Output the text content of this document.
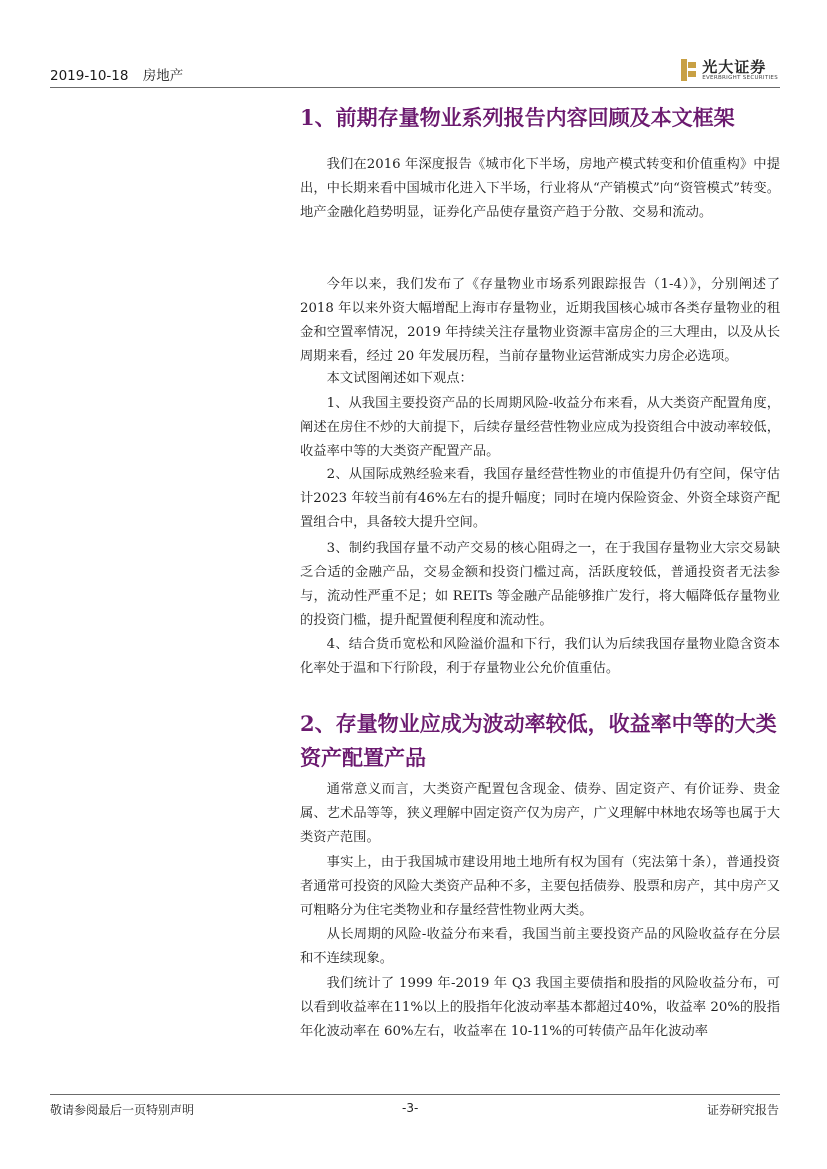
2019-10-18 房地产
光大证券
EVERBRIGHT SECURITIES
1、前期存量物业系列报告内容回顾及本文框架
我们在2016 年深度报告《城市化下半场，房地产模式转变和价值重构》中提出，中长期来看中国城市化进入下半场，行业将从“产销模式”向“资管模式”转变。地产金融化趋势明显，证券化产品使存量资产趋于分散、交易和流动。
今年以来，我们发布了《存量物业市场系列跟踪报告（1-4）》，分别阐述了 2018 年以来外资大幅增配上海市存量物业，近期我国核心城市各类存量物业的租金和空置率情况，2019 年持续关注存量物业资源丰富房企的三大理由，以及从长周期来看，经过 20 年发展历程，当前存量物业运营渐成实力房企必选项。
本文试图阐述如下观点：
1、从我国主要投资产品的长周期风险-收益分布来看，从大类资产配置角度，阐述在房住不炒的大前提下，后续存量经营性物业应成为投资组合中波动率较低，收益率中等的大类资产配置产品。
2、从国际成熟经验来看，我国存量经营性物业的市值提升仍有空间，保守估计2023 年较当前有46%左右的提升幅度；同时在境内保险资金、外资全球资产配置组合中，具备较大提升空间。
3、制约我国存量不动产交易的核心阻碍之一，在于我国存量物业大宗交易缺乏合适的金融产品，交易金额和投资门槛过高，活跃度较低，普通投资者无法参与，流动性严重不足；如 REITs 等金融产品能够推广发行，将大幅降低存量物业的投资门槛，提升配置便利程度和流动性。
4、结合货币宽松和风险溢价温和下行，我们认为后续我国存量物业隐含资本化率处于温和下行阶段，利于存量物业公允价值重估。
2、存量物业应成为波动率较低，收益率中等的大类资产配置产品
通常意义而言，大类资产配置包含现金、债券、固定资产、有价证券、贵金属、艺术品等等，狭义理解中固定资产仅为房产，广义理解中林地农场等也属于大类资产范围。
事实上，由于我国城市建设用地土地所有权为国有（宪法第十条），普通投资者通常可投资的风险大类资产品种不多，主要包括债券、股票和房产，其中房产又可粗略分为住宅类物业和存量经营性物业两大类。
从长周期的风险-收益分布来看，我国当前主要投资产品的风险收益存在分层和不连续现象。
我们统计了 1999 年-2019 年 Q3 我国主要债指和股指的风险收益分布，可以看到收益率在11%以上的股指年化波动率基本都超过40%，收益率 20%的股指年化波动率在 60%左右，收益率在 10-11%的可转债产品年化波动率
敬请参阅最后一页特别声明	-3-	证券研究报告
